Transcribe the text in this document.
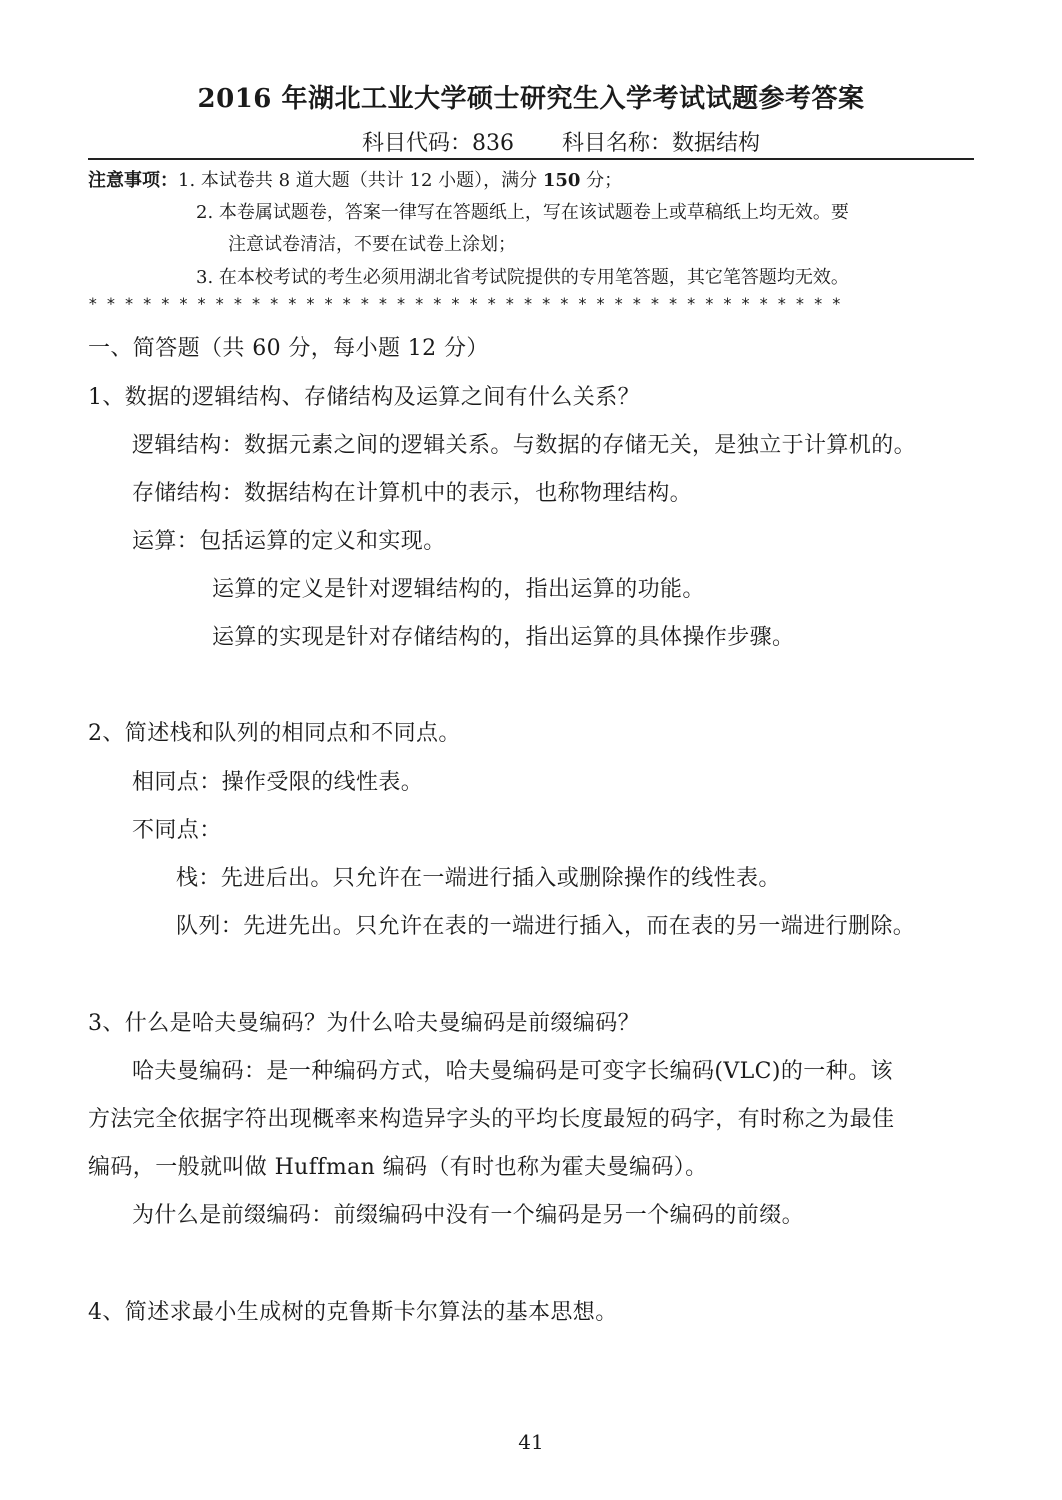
2016 年湖北工业大学硕士研究生入学考试试题参考答案
科目代码：836 科目名称：数据结构
注意事项：1. 本试卷共 8 道大题（共计 12 小题），满分 150 分；
2. 本卷属试题卷，答案一律写在答题纸上，写在该试题卷上或草稿纸上均无效。要
注意试卷清洁，不要在试卷上涂划；
3. 在本校考试的考生必须用湖北省考试院提供的专用笔答题，其它笔答题均无效。
******************************************
一、简答题（共 60 分，每小题 12 分）
1、数据的逻辑结构、存储结构及运算之间有什么关系？
逻辑结构：数据元素之间的逻辑关系。与数据的存储无关，是独立于计算机的。
存储结构：数据结构在计算机中的表示，也称物理结构。
运算：包括运算的定义和实现。
运算的定义是针对逻辑结构的，指出运算的功能。
运算的实现是针对存储结构的，指出运算的具体操作步骤。
2、简述栈和队列的相同点和不同点。
相同点：操作受限的线性表。
不同点：
栈：先进后出。只允许在一端进行插入或删除操作的线性表。
队列：先进先出。只允许在表的一端进行插入，而在表的另一端进行删除。
3、什么是哈夫曼编码？为什么哈夫曼编码是前缀编码？
哈夫曼编码：是一种编码方式，哈夫曼编码是可变字长编码(VLC)的一种。该
方法完全依据字符出现概率来构造异字头的平均长度最短的码字，有时称之为最佳
编码，一般就叫做 Huffman 编码（有时也称为霍夫曼编码）。
为什么是前缀编码：前缀编码中没有一个编码是另一个编码的前缀。
4、简述求最小生成树的克鲁斯卡尔算法的基本思想。
41
